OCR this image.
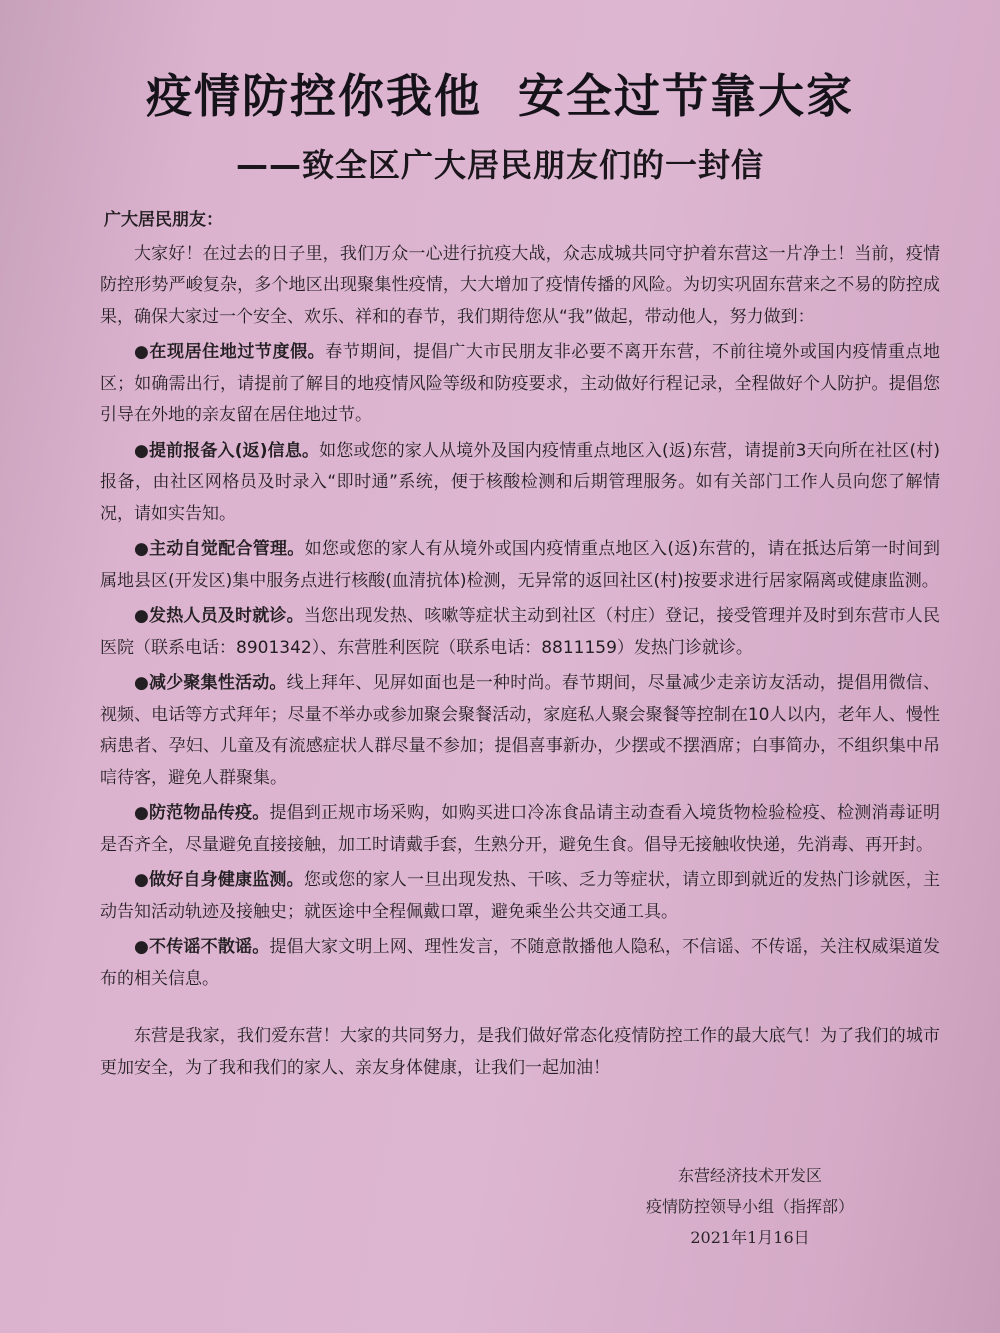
疫情防控你我他  安全过节靠大家
——致全区广大居民朋友们的一封信
广大居民朋友：

大家好！在过去的日子里，我们万众一心进行抗疫大战，众志成城共同守护着东营这一片净土！当前，疫情防控形势严峻复杂，多个地区出现聚集性疫情，大大增加了疫情传播的风险。为切实巩固东营来之不易的防控成果，确保大家过一个安全、欢乐、祥和的春节，我们期待您从“我”做起，带动他人，努力做到：

●在现居住地过节度假。春节期间，提倡广大市民朋友非必要不离开东营，不前往境外或国内疫情重点地区；如确需出行，请提前了解目的地疫情风险等级和防疫要求，主动做好行程记录，全程做好个人防护。提倡您引导在外地的亲友留在居住地过节。

●提前报备入(返)信息。如您或您的家人从境外及国内疫情重点地区入(返)东营，请提前3天向所在社区(村)报备，由社区网格员及时录入“即时通”系统，便于核酸检测和后期管理服务。如有关部门工作人员向您了解情况，请如实告知。

●主动自觉配合管理。如您或您的家人有从境外或国内疫情重点地区入(返)东营的，请在抵达后第一时间到属地县区(开发区)集中服务点进行核酸(血清抗体)检测，无异常的返回社区(村)按要求进行居家隔离或健康监测。

●发热人员及时就诊。当您出现发热、咳嗽等症状主动到社区（村庄）登记，接受管理并及时到东营市人民医院（联系电话：8901342）、东营胜利医院（联系电话：8811159）发热门诊就诊。

●减少聚集性活动。线上拜年、见屏如面也是一种时尚。春节期间，尽量减少走亲访友活动，提倡用微信、视频、电话等方式拜年；尽量不举办或参加聚会聚餐活动，家庭私人聚会聚餐等控制在10人以内，老年人、慢性病患者、孕妇、儿童及有流感症状人群尽量不参加；提倡喜事新办，少摆或不摆酒席；白事简办，不组织集中吊唁待客，避免人群聚集。

●防范物品传疫。提倡到正规市场采购，如购买进口冷冻食品请主动查看入境货物检验检疫、检测消毒证明是否齐全，尽量避免直接接触，加工时请戴手套，生熟分开，避免生食。倡导无接触收快递，先消毒、再开封。

●做好自身健康监测。您或您的家人一旦出现发热、干咳、乏力等症状，请立即到就近的发热门诊就医，主动告知活动轨迹及接触史；就医途中全程佩戴口罩，避免乘坐公共交通工具。

●不传谣不散谣。提倡大家文明上网、理性发言，不随意散播他人隐私，不信谣、不传谣，关注权威渠道发布的相关信息。

东营是我家，我们爱东营！大家的共同努力，是我们做好常态化疫情防控工作的最大底气！为了我们的城市更加安全，为了我和我们的家人、亲友身体健康，让我们一起加油！

东营经济技术开发区
疫情防控领导小组（指挥部）
2021年1月16日
